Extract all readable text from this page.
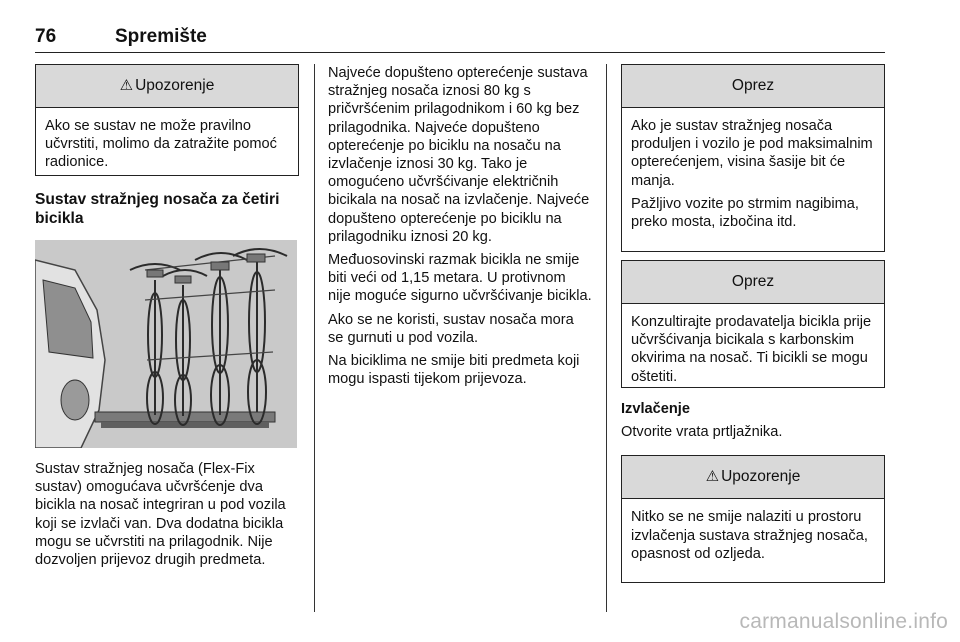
76	Spremište
⚠ Upozorenje

Ako se sustav ne može pravilno učvrstiti, molimo da zatražite pomoć radionice.

Sustav stražnjeg nosača za četiri bicikla

Sustav stražnjeg nosača (Flex-Fix sustav) omogućava učvršćenje dva bicikla na nosač integriran u pod vozila koji se izvlači van. Dva dodatna bicikla mogu se učvrstiti na prilagodnik. Nije dozvoljen prijevoz drugih predmeta.

Najveće dopušteno opterećenje sustava stražnjeg nosača iznosi 80 kg s pričvršćenim prilagodnikom i 60 kg bez prilagodnika. Najveće dopušteno opterećenje po biciklu na nosaču na izvlačenje iznosi 30 kg. Tako je omogućeno učvršćivanje električnih bicikala na nosač na izvlačenje. Najveće dopušteno opterećenje po biciklu na prilagodniku iznosi 20 kg.

Međuosovinski razmak bicikla ne smije biti veći od 1,15 metara. U protivnom nije moguće sigurno učvršćivanje bicikla.

Ako se ne koristi, sustav nosača mora se gurnuti u pod vozila.

Na biciklima ne smije biti predmeta koji mogu ispasti tijekom prijevoza.

Oprez

Ako je sustav stražnjeg nosača produljen i vozilo je pod maksimalnim opterećenjem, visina šasije bit će manja.

Pažljivo vozite po strmim nagibima, preko mosta, izbočina itd.

Oprez

Konzultirajte prodavatelja bicikla prije učvršćivanja bicikala s karbonskim okvirima na nosač. Ti bicikli se mogu oštetiti.

Izvlačenje

Otvorite vrata prtljažnika.

⚠ Upozorenje

Nitko se ne smije nalaziti u prostoru izvlačenja sustava stražnjeg nosača, opasnost od ozljeda.

carmanualsonline.info
